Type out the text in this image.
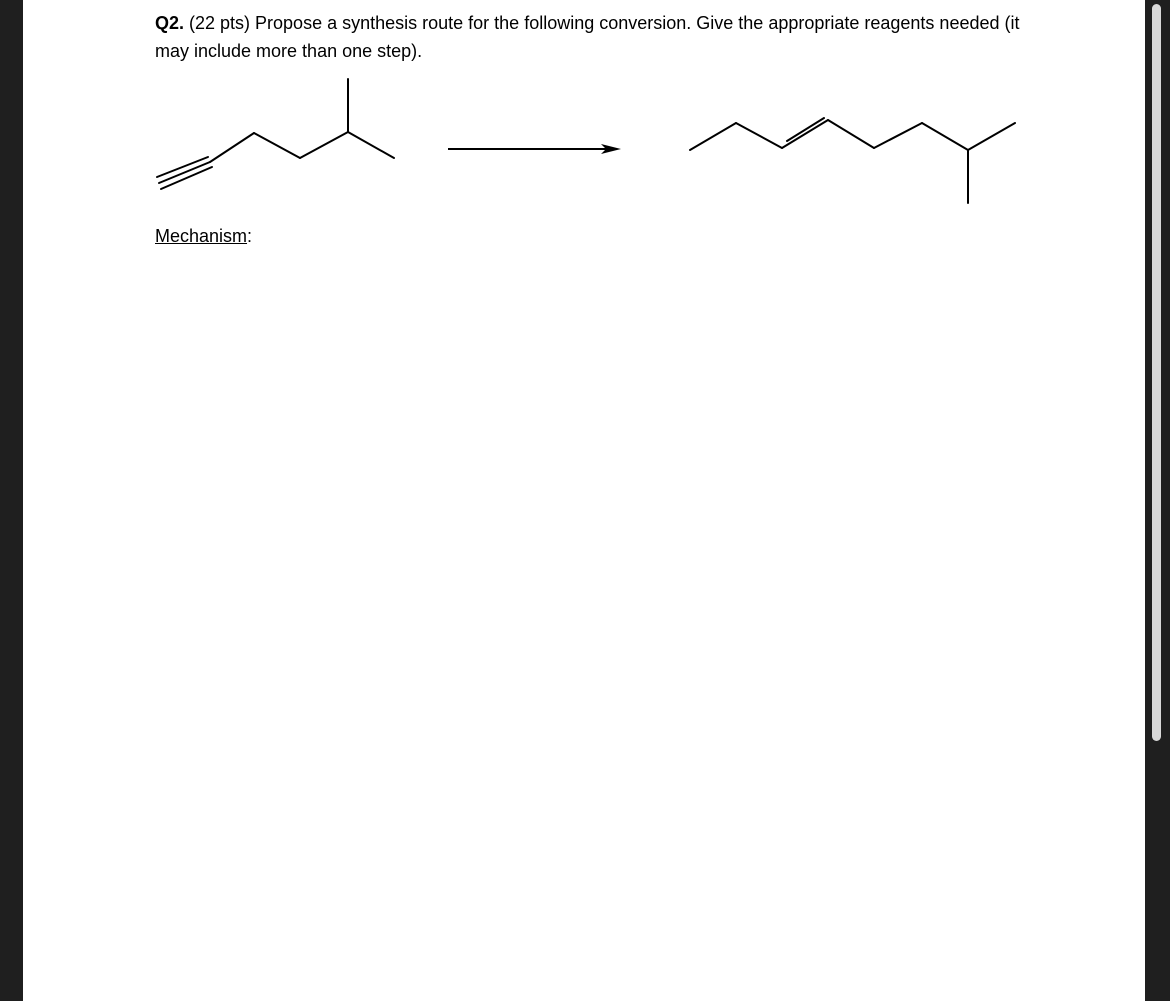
Q2. (22 pts) Propose a synthesis route for the following conversion. Give the appropriate reagents needed (it may include more than one step).
Mechanism:
